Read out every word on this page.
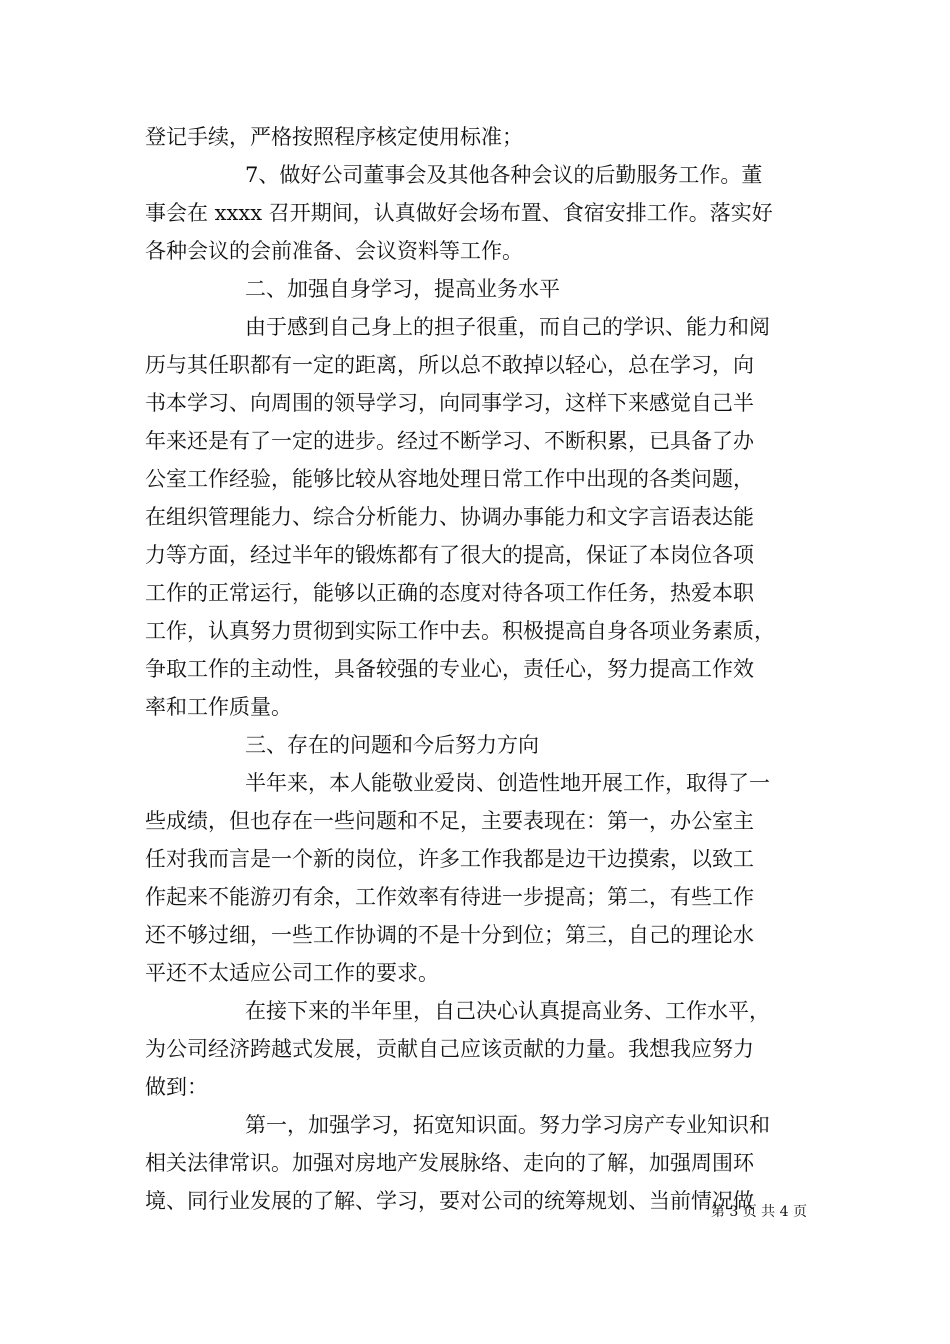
登记手续，严格按照程序核定使用标准；
7、做好公司董事会及其他各种会议的后勤服务工作。董
事会在 xxxx 召开期间，认真做好会场布置、食宿安排工作。落实好
各种会议的会前准备、会议资料等工作。
二、加强自身学习，提高业务水平
由于感到自己身上的担子很重，而自己的学识、能力和阅
历与其任职都有一定的距离，所以总不敢掉以轻心，总在学习，向
书本学习、向周围的领导学习，向同事学习，这样下来感觉自己半
年来还是有了一定的进步。经过不断学习、不断积累，已具备了办
公室工作经验，能够比较从容地处理日常工作中出现的各类问题，
在组织管理能力、综合分析能力、协调办事能力和文字言语表达能
力等方面，经过半年的锻炼都有了很大的提高，保证了本岗位各项
工作的正常运行，能够以正确的态度对待各项工作任务，热爱本职
工作，认真努力贯彻到实际工作中去。积极提高自身各项业务素质，
争取工作的主动性，具备较强的专业心，责任心，努力提高工作效
率和工作质量。
三、存在的问题和今后努力方向
半年来，本人能敬业爱岗、创造性地开展工作，取得了一
些成绩，但也存在一些问题和不足，主要表现在：第一，办公室主
任对我而言是一个新的岗位，许多工作我都是边干边摸索，以致工
作起来不能游刃有余，工作效率有待进一步提高；第二，有些工作
还不够过细，一些工作协调的不是十分到位；第三，自己的理论水
平还不太适应公司工作的要求。
在接下来的半年里，自己决心认真提高业务、工作水平，
为公司经济跨越式发展，贡献自己应该贡献的力量。我想我应努力
做到：
第一，加强学习，拓宽知识面。努力学习房产专业知识和
相关法律常识。加强对房地产发展脉络、走向的了解，加强周围环
境、同行业发展的了解、学习，要对公司的统筹规划、当前情况做
第 3 页 共 4 页
